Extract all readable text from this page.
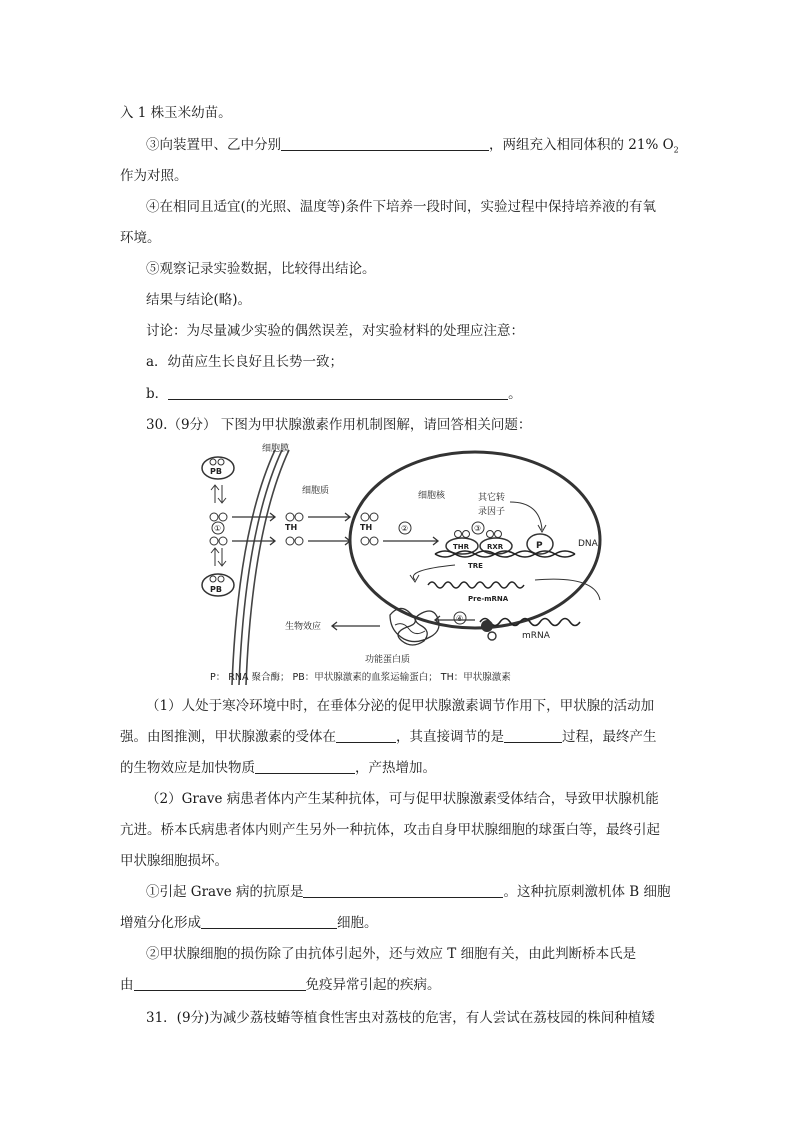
入 1 株玉米幼苗。
③向装置甲、乙中分别	，两组充入相同体积的 21% $O_2$
作为对照。
④在相同且适宜(的光照、温度等)条件下培养一段时间，实验过程中保持培养液的有氧
环境。
⑤观察记录实验数据，比较得出结论。
结果与结论(略)。
讨论：为尽量减少实验的偶然误差，对实验材料的处理应注意：
a．幼苗应生长良好且长势一致；
b．	。
30.（9分） 下图为甲状腺激素作用机制图解，请回答相关问题：
细胞膜
细胞质	细胞核	其它转
录因子
PB
①
PB
TH	TH	②	③
THR	RXR	P	DNA
TRE
Pre-mRNA
mRNA
④
功能蛋白质
生物效应
P： RNA 聚合酶； PB：甲状腺激素的血浆运输蛋白； TH：甲状腺激素
（1）人处于寒冷环境中时，在垂体分泌的促甲状腺激素调节作用下，甲状腺的活动加
强。由图推测，甲状腺激素的受体在	，其直接调节的是	过程，最终产生
的生物效应是加快物质	，产热增加。
（2）Grave 病患者体内产生某种抗体，可与促甲状腺激素受体结合，导致甲状腺机能
亢进。桥本氏病患者体内则产生另外一种抗体，攻击自身甲状腺细胞的球蛋白等，最终引起
甲状腺细胞损坏。
①引起 Grave 病的抗原是	。这种抗原刺激机体 B 细胞
增殖分化形成	细胞。
②甲状腺细胞的损伤除了由抗体引起外，还与效应 T 细胞有关，由此判断桥本氏是
由	免疫异常引起的疾病。
31．(9分)为减少荔枝蝽等植食性害虫对荔枝的危害，有人尝试在荔枝园的株间种植矮
